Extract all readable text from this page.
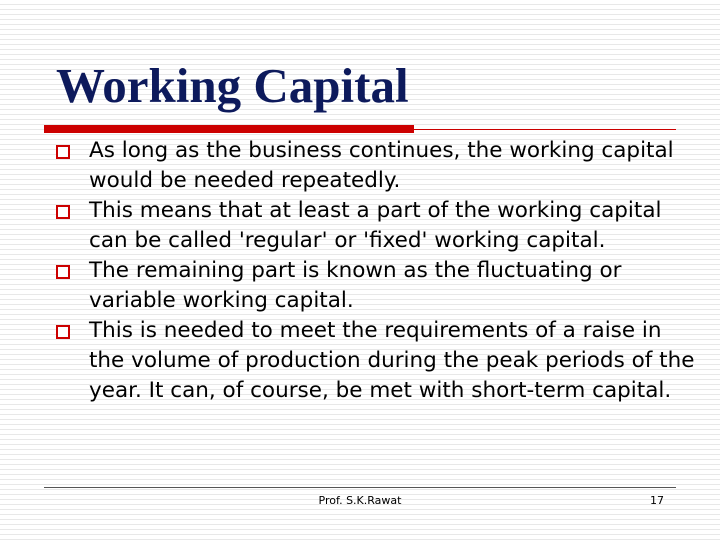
Working Capital
As long as the business continues, the working capital would be needed repeatedly.
This means that at least a part of the working capital can be called 'regular' or 'fixed' working capital.
The remaining part is known as the fluctuating or variable working capital.
This is needed to meet the requirements of a raise in the volume of production during the peak periods of the year. It can, of course, be met with short-term capital.
Prof. S.K.Rawat	17
